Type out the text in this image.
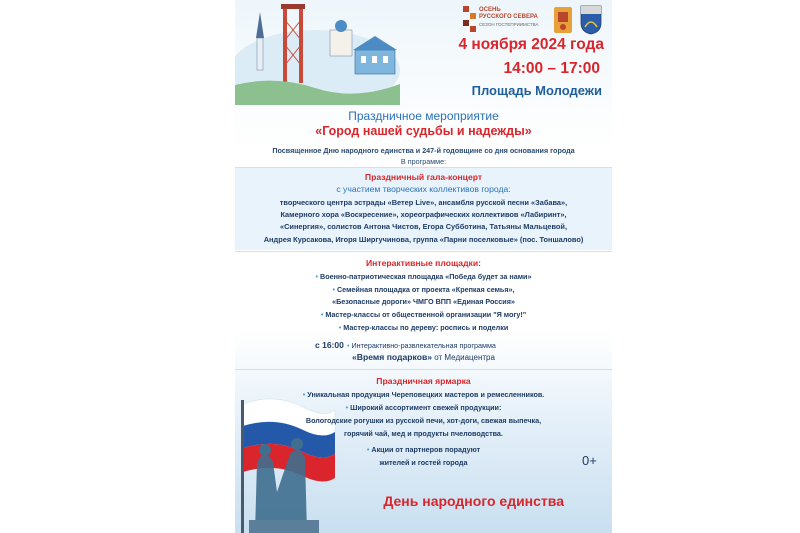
ОСЕНЬ
РУССКОГО СЕВЕРА
СЕЗОН ГОСТЕПРИИМСТВА
4 ноября 2024 года
14:00 – 17:00
Площадь Молодежи
Праздничное мероприятие
«Город нашей судьбы и надежды»
Посвященное Дню народного единства и 247-й годовщине со дня основания города
В программе:
Праздничный гала-концерт
с участием творческих коллективов города:
творческого центра эстрады «Ветер Live», ансамбля русской песни «Забава»,
Камерного хора «Воскресение», хореографических коллективов «Лабиринт»,
«Синергия», солистов Антона Чистов, Егора Субботина, Татьяны Мальцевой,
Андрея Курсакова, Игоря Ширгучинова, группа «Парни поселковые» (пос. Тоншалово)
Интерактивные площадки:
• Военно-патриотическая площадка «Победа будет за нами»
• Семейная площадка от проекта «Крепкая семья»,
«Безопасные дороги» ЧМГО ВПП «Единая Россия»
• Мастер-классы от общественной организации "Я могу!"
• Мастер-классы по дереву: роспись и поделки
с 16:00 • Интерактивно-развлекательная программа
«Время подарков» от Медиацентра
Праздничная ярмарка
• Уникальная продукция Череповецких мастеров и ремесленников.
• Широкий ассортимент свежей продукции:
Вологодские рогушки из русской печи, хот-доги, свежая выпечка,
горячий чай, мед и продукты пчеловодства.
• Акции от партнеров порадуют
жителей и гостей города	0+
День народного единства
